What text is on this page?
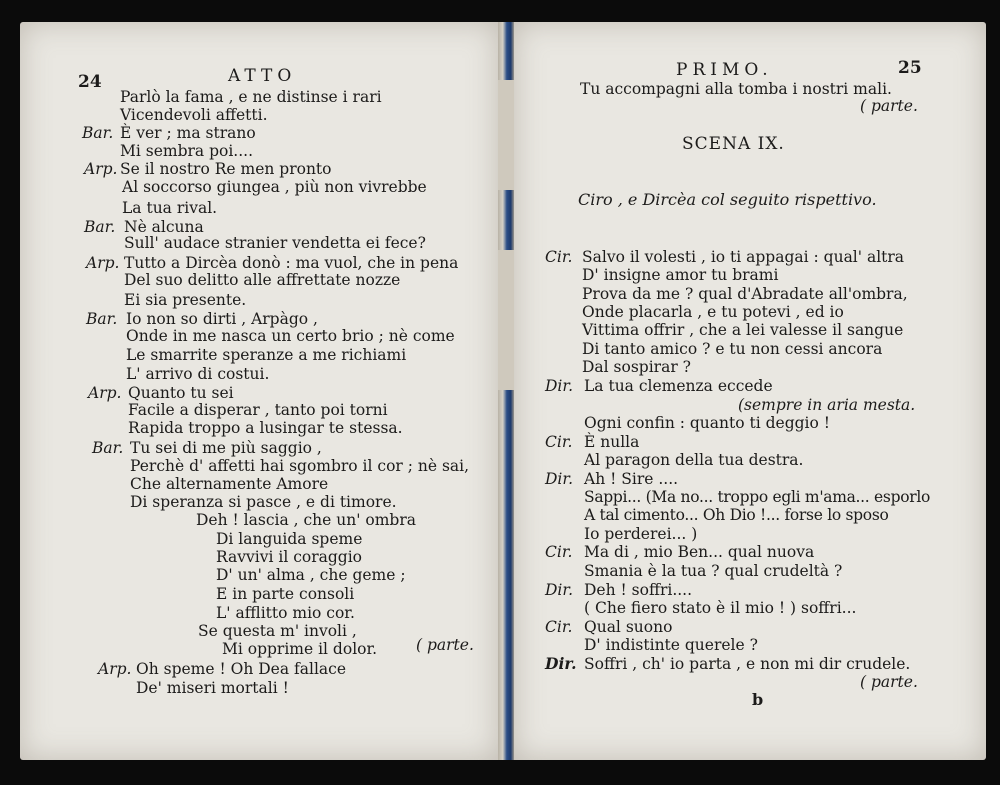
24	ATTO
Parlò la fama , e ne distinse i rari
Vicendevoli affetti.
Bar. È ver ; ma strano
Mi sembra poi....
Arp. Se il nostro Re men pronto
Al soccorso giungea , più non vivrebbe
La tua rival.
Bar. Nè alcuna
Sull' audace stranier vendetta ei fece?
Arp. Tutto a Dircèa donò : ma vuol, che in pena
Del suo delitto alle affrettate nozze
Ei sia presente.
Bar. Io non so dirti , Arpàgo ,
Onde in me nasca un certo brio ; nè come
Le smarrite speranze a me richiami
L' arrivo di costui.
Arp. Quanto tu sei
Facile a disperar , tanto poi torni
Rapida troppo a lusingar te stessa.
Bar. Tu sei di me più saggio ,
Perchè d' affetti hai sgombro il cor ; nè sai,
Che alternamente Amore
Di speranza si pasce , e di timore.
Deh ! lascia , che un' ombra
Di languida speme
Ravvivi il coraggio
D' un' alma , che geme ;
E in parte consoli
L' afflitto mio cor.
Se questa m' involi ,
Mi opprime il dolor.	( parte.
Arp. Oh speme ! Oh Dea fallace
De' miseri mortali !
PRIMO.	25
Tu accompagni alla tomba i nostri mali.
( parte.
SCENA IX.
Ciro , e Dircèa col seguito rispettivo.
Cir. Salvo il volesti , io ti appagai : qual' altra
D' insigne amor tu brami
Prova da me ? qual d'Abradate all'ombra,
Onde placarla , e tu potevi , ed io
Vittima offrir , che a lei valesse il sangue
Di tanto amico ? e tu non cessi ancora
Dal sospirar ?
Dir. La tua clemenza eccede
(sempre in aria mesta.
Ogni confin : quanto ti deggio !
Cir. È nulla
Al paragon della tua destra.
Dir. Ah ! Sire ....
Sappi... (Ma no... troppo egli m'ama... esporlo
A tal cimento... Oh Dio !... forse lo sposo
Io perderei... )
Cir. Ma di , mio Ben... qual nuova
Smania è la tua ? qual crudeltà ?
Dir. Deh ! soffri....
( Che fiero stato è il mio ! ) soffri...
Cir. Qual suono
D' indistinte querele ?
Dir. Soffri , ch' io parta , e non mi dir crudele.
( parte.
b
